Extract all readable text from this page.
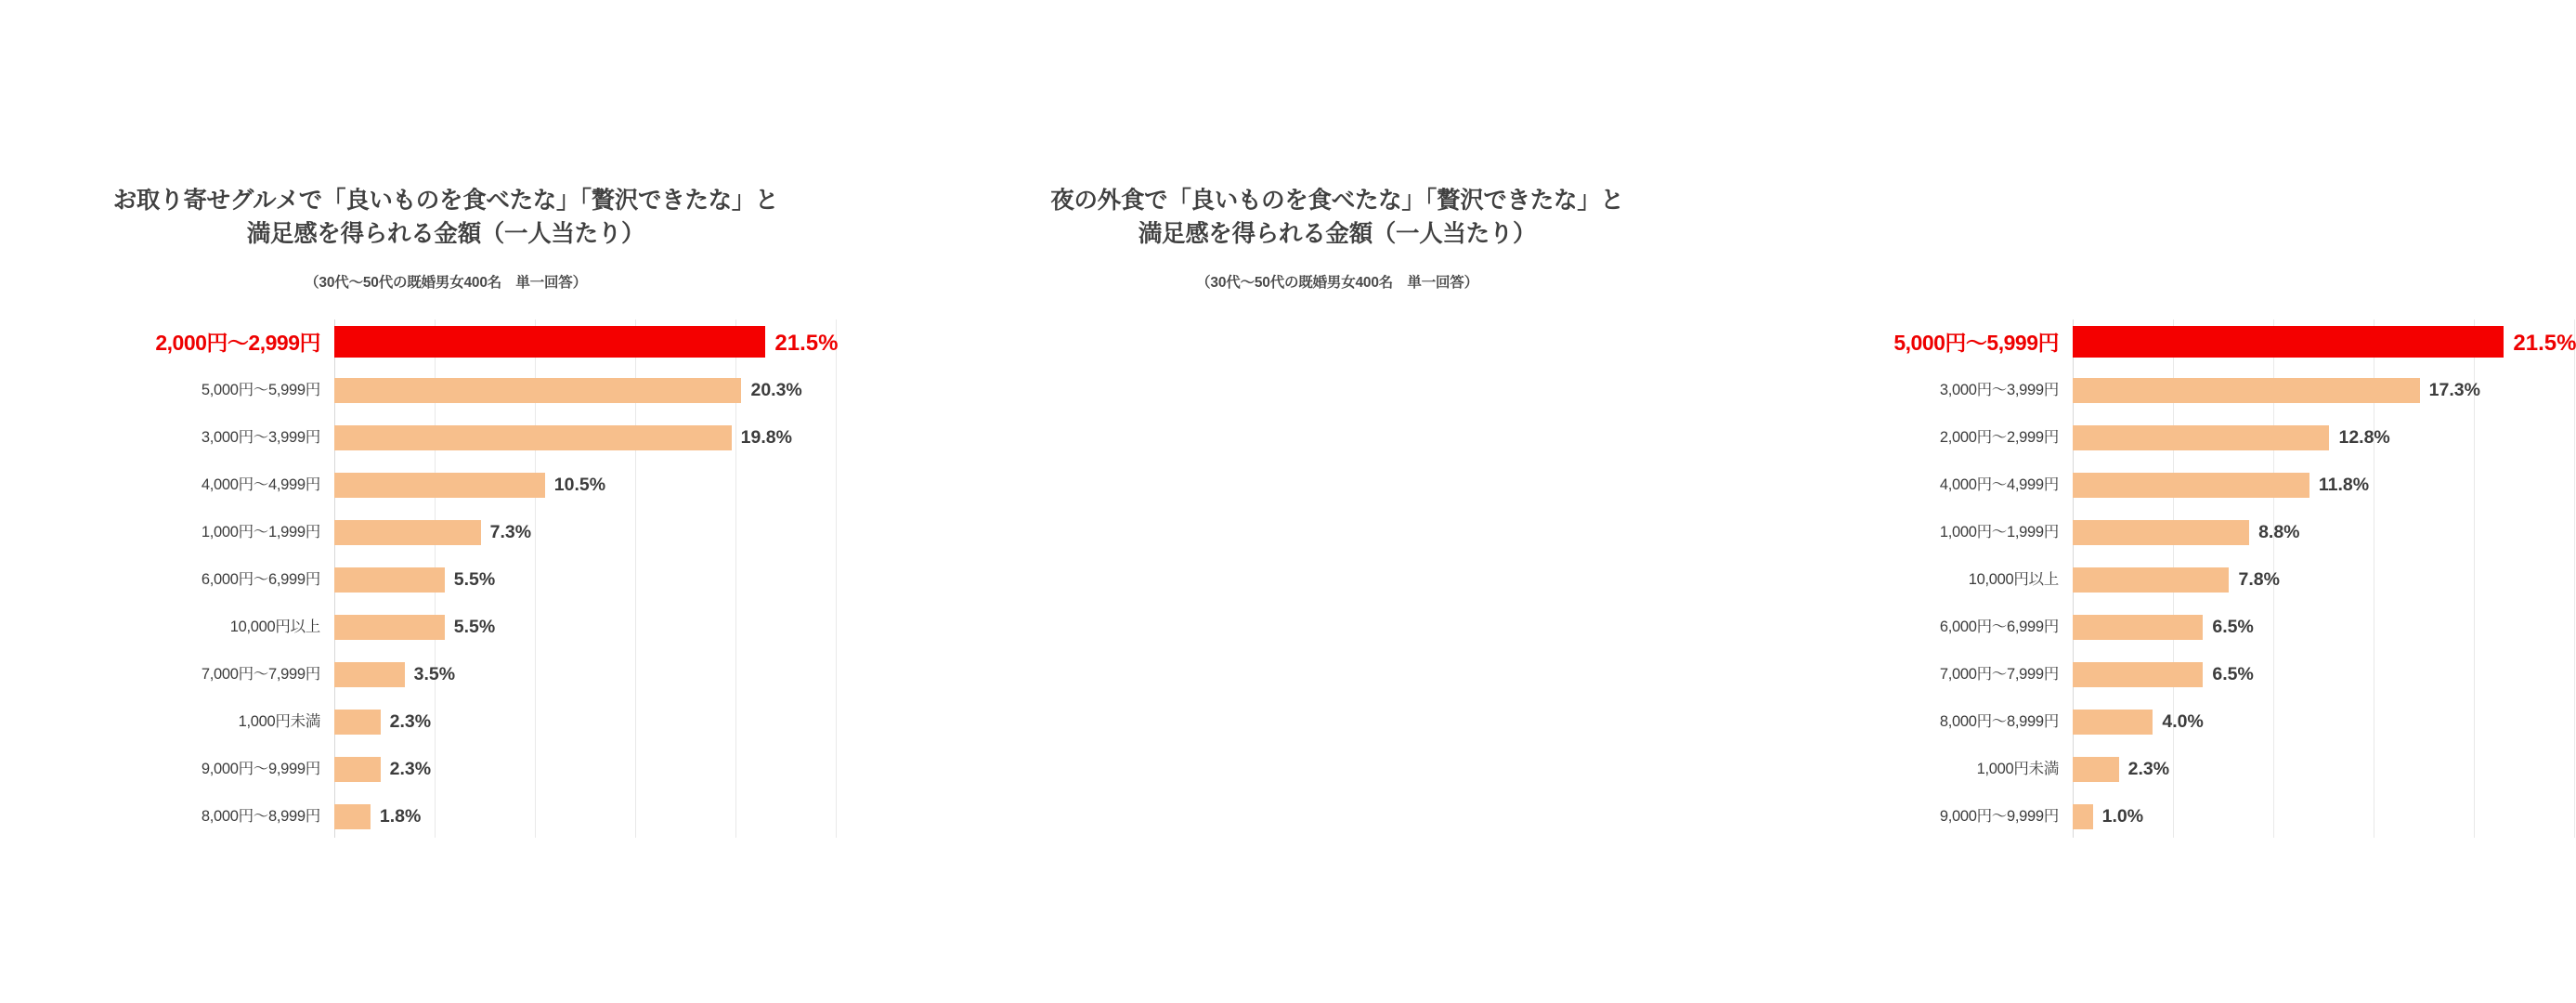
お取り寄せグルメで「良いものを食べたな」「贅沢できたな」と
満足感を得られる金額（一人当たり）
（30代～50代の既婚男女400名　単一回答）
2,000円～2,999円	21.5%
5,000円～5,999円	20.3%
3,000円～3,999円	19.8%
4,000円～4,999円	10.5%
1,000円～1,999円	7.3%
6,000円～6,999円	5.5%
10,000円以上	5.5%
7,000円～7,999円	3.5%
1,000円未満	2.3%
9,000円～9,999円	2.3%
8,000円～8,999円	1.8%
夜の外食で「良いものを食べたな」「贅沢できたな」と
満足感を得られる金額（一人当たり）
（30代～50代の既婚男女400名　単一回答）
5,000円～5,999円	21.5%
3,000円～3,999円	17.3%
2,000円～2,999円	12.8%
4,000円～4,999円	11.8%
1,000円～1,999円	8.8%
10,000円以上	7.8%
6,000円～6,999円	6.5%
7,000円～7,999円	6.5%
8,000円～8,999円	4.0%
1,000円未満	2.3%
9,000円～9,999円 1.0%
